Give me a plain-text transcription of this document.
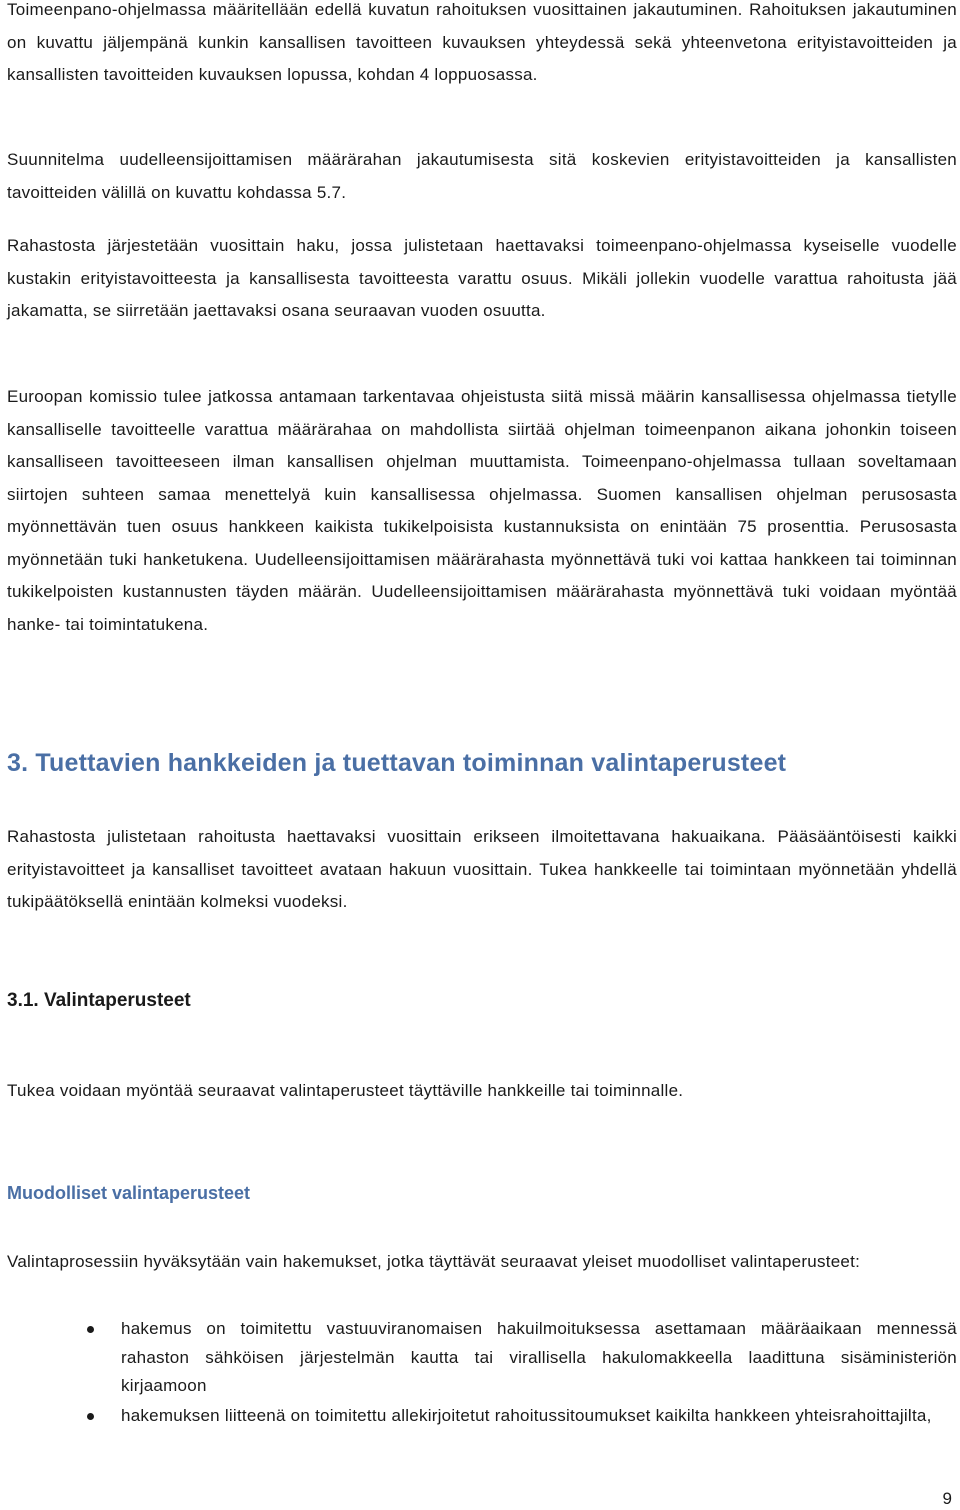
Toimeenpano-ohjelmassa määritellään edellä kuvatun rahoituksen vuosittainen jakautuminen. Rahoituksen jakautuminen on kuvattu jäljempänä kunkin kansallisen tavoitteen kuvauksen yhteydessä sekä yhteenvetona erityistavoitteiden ja kansallisten tavoitteiden kuvauksen lopussa, kohdan 4 loppuosassa.

Suunnitelma uudelleensijoittamisen määrärahan jakautumisesta sitä koskevien erityistavoitteiden ja kansallisten tavoitteiden välillä on kuvattu kohdassa 5.7.

Rahastosta järjestetään vuosittain haku, jossa julistetaan haettavaksi toimeenpano-ohjelmassa kyseiselle vuodelle kustakin erityistavoitteesta ja kansallisesta tavoitteesta varattu osuus. Mikäli jollekin vuodelle varattua rahoitusta jää jakamatta, se siirretään jaettavaksi osana seuraavan vuoden osuutta.

Euroopan komissio tulee jatkossa antamaan tarkentavaa ohjeistusta siitä missä määrin kansallisessa ohjelmassa tietylle kansalliselle tavoitteelle varattua määrärahaa on mahdollista siirtää ohjelman toimeenpanon aikana johonkin toiseen kansalliseen tavoitteeseen ilman kansallisen ohjelman muuttamista. Toimeenpano-ohjelmassa tullaan soveltamaan siirtojen suhteen samaa menettelyä kuin kansallisessa ohjelmassa. Suomen kansallisen ohjelman perusosasta myönnettävän tuen osuus hankkeen kaikista tukikelpoisista kustannuksista on enintään 75 prosenttia. Perusosasta myönnetään tuki hanketukena. Uudelleensijoittamisen määrärahasta myönnettävä tuki voi kattaa hankkeen tai toiminnan tukikelpoisten kustannusten täyden määrän. Uudelleensijoittamisen määrärahasta myönnettävä tuki voidaan myöntää hanke- tai toimintatukena.

3. Tuettavien hankkeiden ja tuettavan toiminnan valintaperusteet

Rahastosta julistetaan rahoitusta haettavaksi vuosittain erikseen ilmoitettavana hakuaikana. Pääsääntöisesti kaikki erityistavoitteet ja kansalliset tavoitteet avataan hakuun vuosittain. Tukea hankkeelle tai toimintaan myönnetään yhdellä tukipäätöksellä enintään kolmeksi vuodeksi.

3.1. Valintaperusteet

Tukea voidaan myöntää seuraavat valintaperusteet täyttäville hankkeille tai toiminnalle.

Muodolliset valintaperusteet

Valintaprosessiin hyväksytään vain hakemukset, jotka täyttävät seuraavat yleiset muodolliset valintaperusteet:

hakemus on toimitettu vastuuviranomaisen hakuilmoituksessa asettamaan määräaikaan mennessä rahaston sähköisen järjestelmän kautta tai virallisella hakulomakkeella laadittuna sisäministeriön kirjaamoon
hakemuksen liitteenä on toimitettu allekirjoitetut rahoitussitoumukset kaikilta hankkeen yhteisrahoittajilta,
9
